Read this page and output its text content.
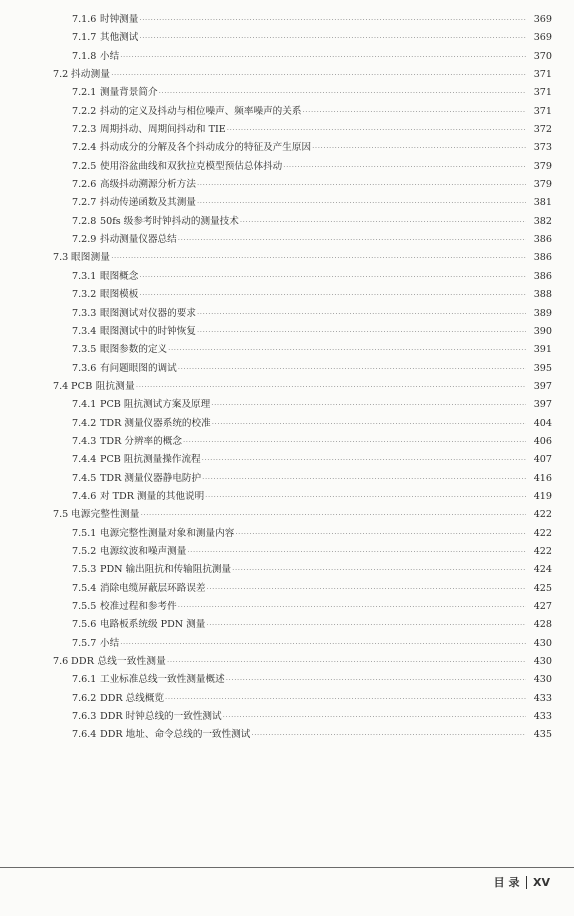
7.1.6 时钟测量 ·····	369
7.1.7 其他测试 ·····	369
7.1.8 小结 ·····	370
7.2 抖动测量 ·····	371
7.2.1 测量背景简介 ·····	371
7.2.2 抖动的定义及抖动与相位噪声、频率噪声的关系 ·····	371
7.2.3 周期抖动、周期间抖动和 TIE ·····	372
7.2.4 抖动成分的分解及各个抖动成分的特征及产生原因 ·····	373
7.2.5 使用浴盆曲线和双狄拉克模型预估总体抖动 ·····	379
7.2.6 高级抖动溯源分析方法 ·····	379
7.2.7 抖动传递函数及其测量 ·····	381
7.2.8 50fs 级参考时钟抖动的测量技术 ·····	382
7.2.9 抖动测量仪器总结 ·····	386
7.3 眼图测量 ·····	386
7.3.1 眼图概念 ·····	386
7.3.2 眼图模板 ·····	388
7.3.3 眼图测试对仪器的要求 ·····	389
7.3.4 眼图测试中的时钟恢复 ·····	390
7.3.5 眼图参数的定义 ·····	391
7.3.6 有问题眼图的调试 ·····	395
7.4 PCB 阻抗测量 ·····	397
7.4.1 PCB 阻抗测试方案及原理 ·····	397
7.4.2 TDR 测量仪器系统的校准 ·····	404
7.4.3 TDR 分辨率的概念 ·····	406
7.4.4 PCB 阻抗测量操作流程 ·····	407
7.4.5 TDR 测量仪器静电防护 ·····	416
7.4.6 对 TDR 测量的其他说明 ·····	419
7.5 电源完整性测量 ·····	422
7.5.1 电源完整性测量对象和测量内容 ·····	422
7.5.2 电源纹波和噪声测量 ·····	422
7.5.3 PDN 输出阻抗和传输阻抗测量 ·····	424
7.5.4 消除电缆屏蔽层环路误差 ·····	425
7.5.5 校准过程和参考件 ·····	427
7.5.6 电路板系统级 PDN 测量 ·····	428
7.5.7 小结 ·····	430
7.6 DDR 总线一致性测量 ·····	430
7.6.1 工业标准总线一致性测量概述 ·····	430
7.6.2 DDR 总线概览 ·····	433
7.6.3 DDR 时钟总线的一致性测试 ·····	433
7.6.4 DDR 地址、命令总线的一致性测试 ·····	435
目 录 XV
